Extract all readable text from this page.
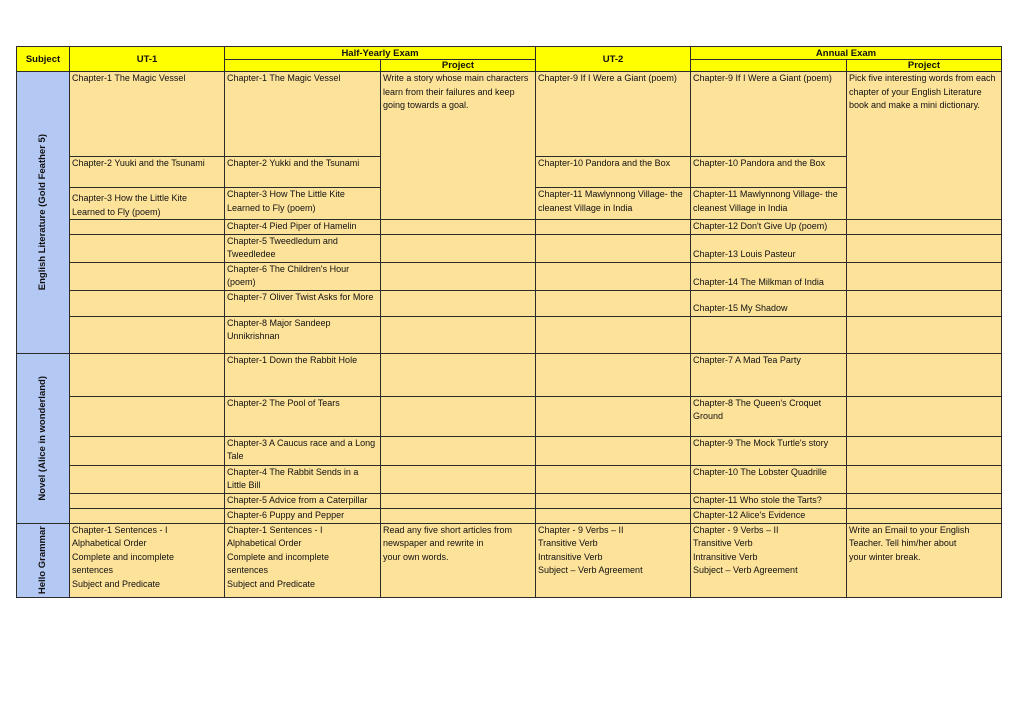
Subject	UT-1	Half-Yearly Exam		UT-2	Annual Exam	
			Project			Project

English Literature (Gold Feather 5)	Chapter-1 The Magic Vessel	Chapter-1 The Magic Vessel	Write a story whose main characters learn from their failures and keep going towards a goal.	Chapter-9 If I Were a Giant (poem)	Chapter-9 If I Were a Giant (poem)	Pick five interesting words from each chapter of your English Literature book and make a mini dictionary.
	Chapter-2 Yuuki and the Tsunami	Chapter-2 Yukki and the Tsunami		Chapter-10 Pandora and the Box	Chapter-10 Pandora and the Box	

	Chapter-3 How the Little Kite Learned to Fly (poem)	Chapter-3 How The Little Kite Learned to Fly (poem)		Chapter-11 Mawlynnong Village- the cleanest Village in India	Chapter-11 Mawlynnong Village- the cleanest Village in India	
		Chapter-4 Pied Piper of Hamelin			Chapter-12 Don't Give Up (poem)	
		Chapter-5 Tweedledum and Tweedledee			Chapter-13 Louis Pasteur	
		Chapter-6 The Children's Hour (poem)			Chapter-14 The Milkman of India	
		Chapter-7 Oliver Twist Asks for More			Chapter-15 My Shadow	
		Chapter-8 Major Sandeep Unnikrishnan				

Novel (Alice in wonderland)		Chapter-1 Down the Rabbit Hole			Chapter-7 A Mad Tea Party	
		Chapter-2 The Pool of Tears			Chapter-8 The Queen's Croquet Ground	
		Chapter-3 A Caucus race and a Long Tale			Chapter-9 The Mock Turtle's story	
		Chapter-4 The Rabbit Sends in a Little Bill			Chapter-10 The Lobster Quadrille	
		Chapter-5 Advice from a Caterpillar			Chapter-11 Who stole the Tarts?	
		Chapter-6 Puppy and Pepper			Chapter-12 Alice's Evidence	

Hello Grammar	Chapter-1 Sentences - I
Alphabetical Order
Complete and incomplete
sentences
Subject and Predicate	Chapter-1 Sentences - I
Alphabetical Order
Complete and incomplete
sentences
Subject and Predicate	Read any five short articles from
newspaper and rewrite in
your own words.	Chapter - 9 Verbs – II
Transitive Verb
Intransitive Verb
Subject – Verb Agreement	Chapter - 9 Verbs – II
Transitive Verb
Intransitive Verb
Subject – Verb Agreement	Write an Email to your English
Teacher. Tell him/her about
your winter break.
